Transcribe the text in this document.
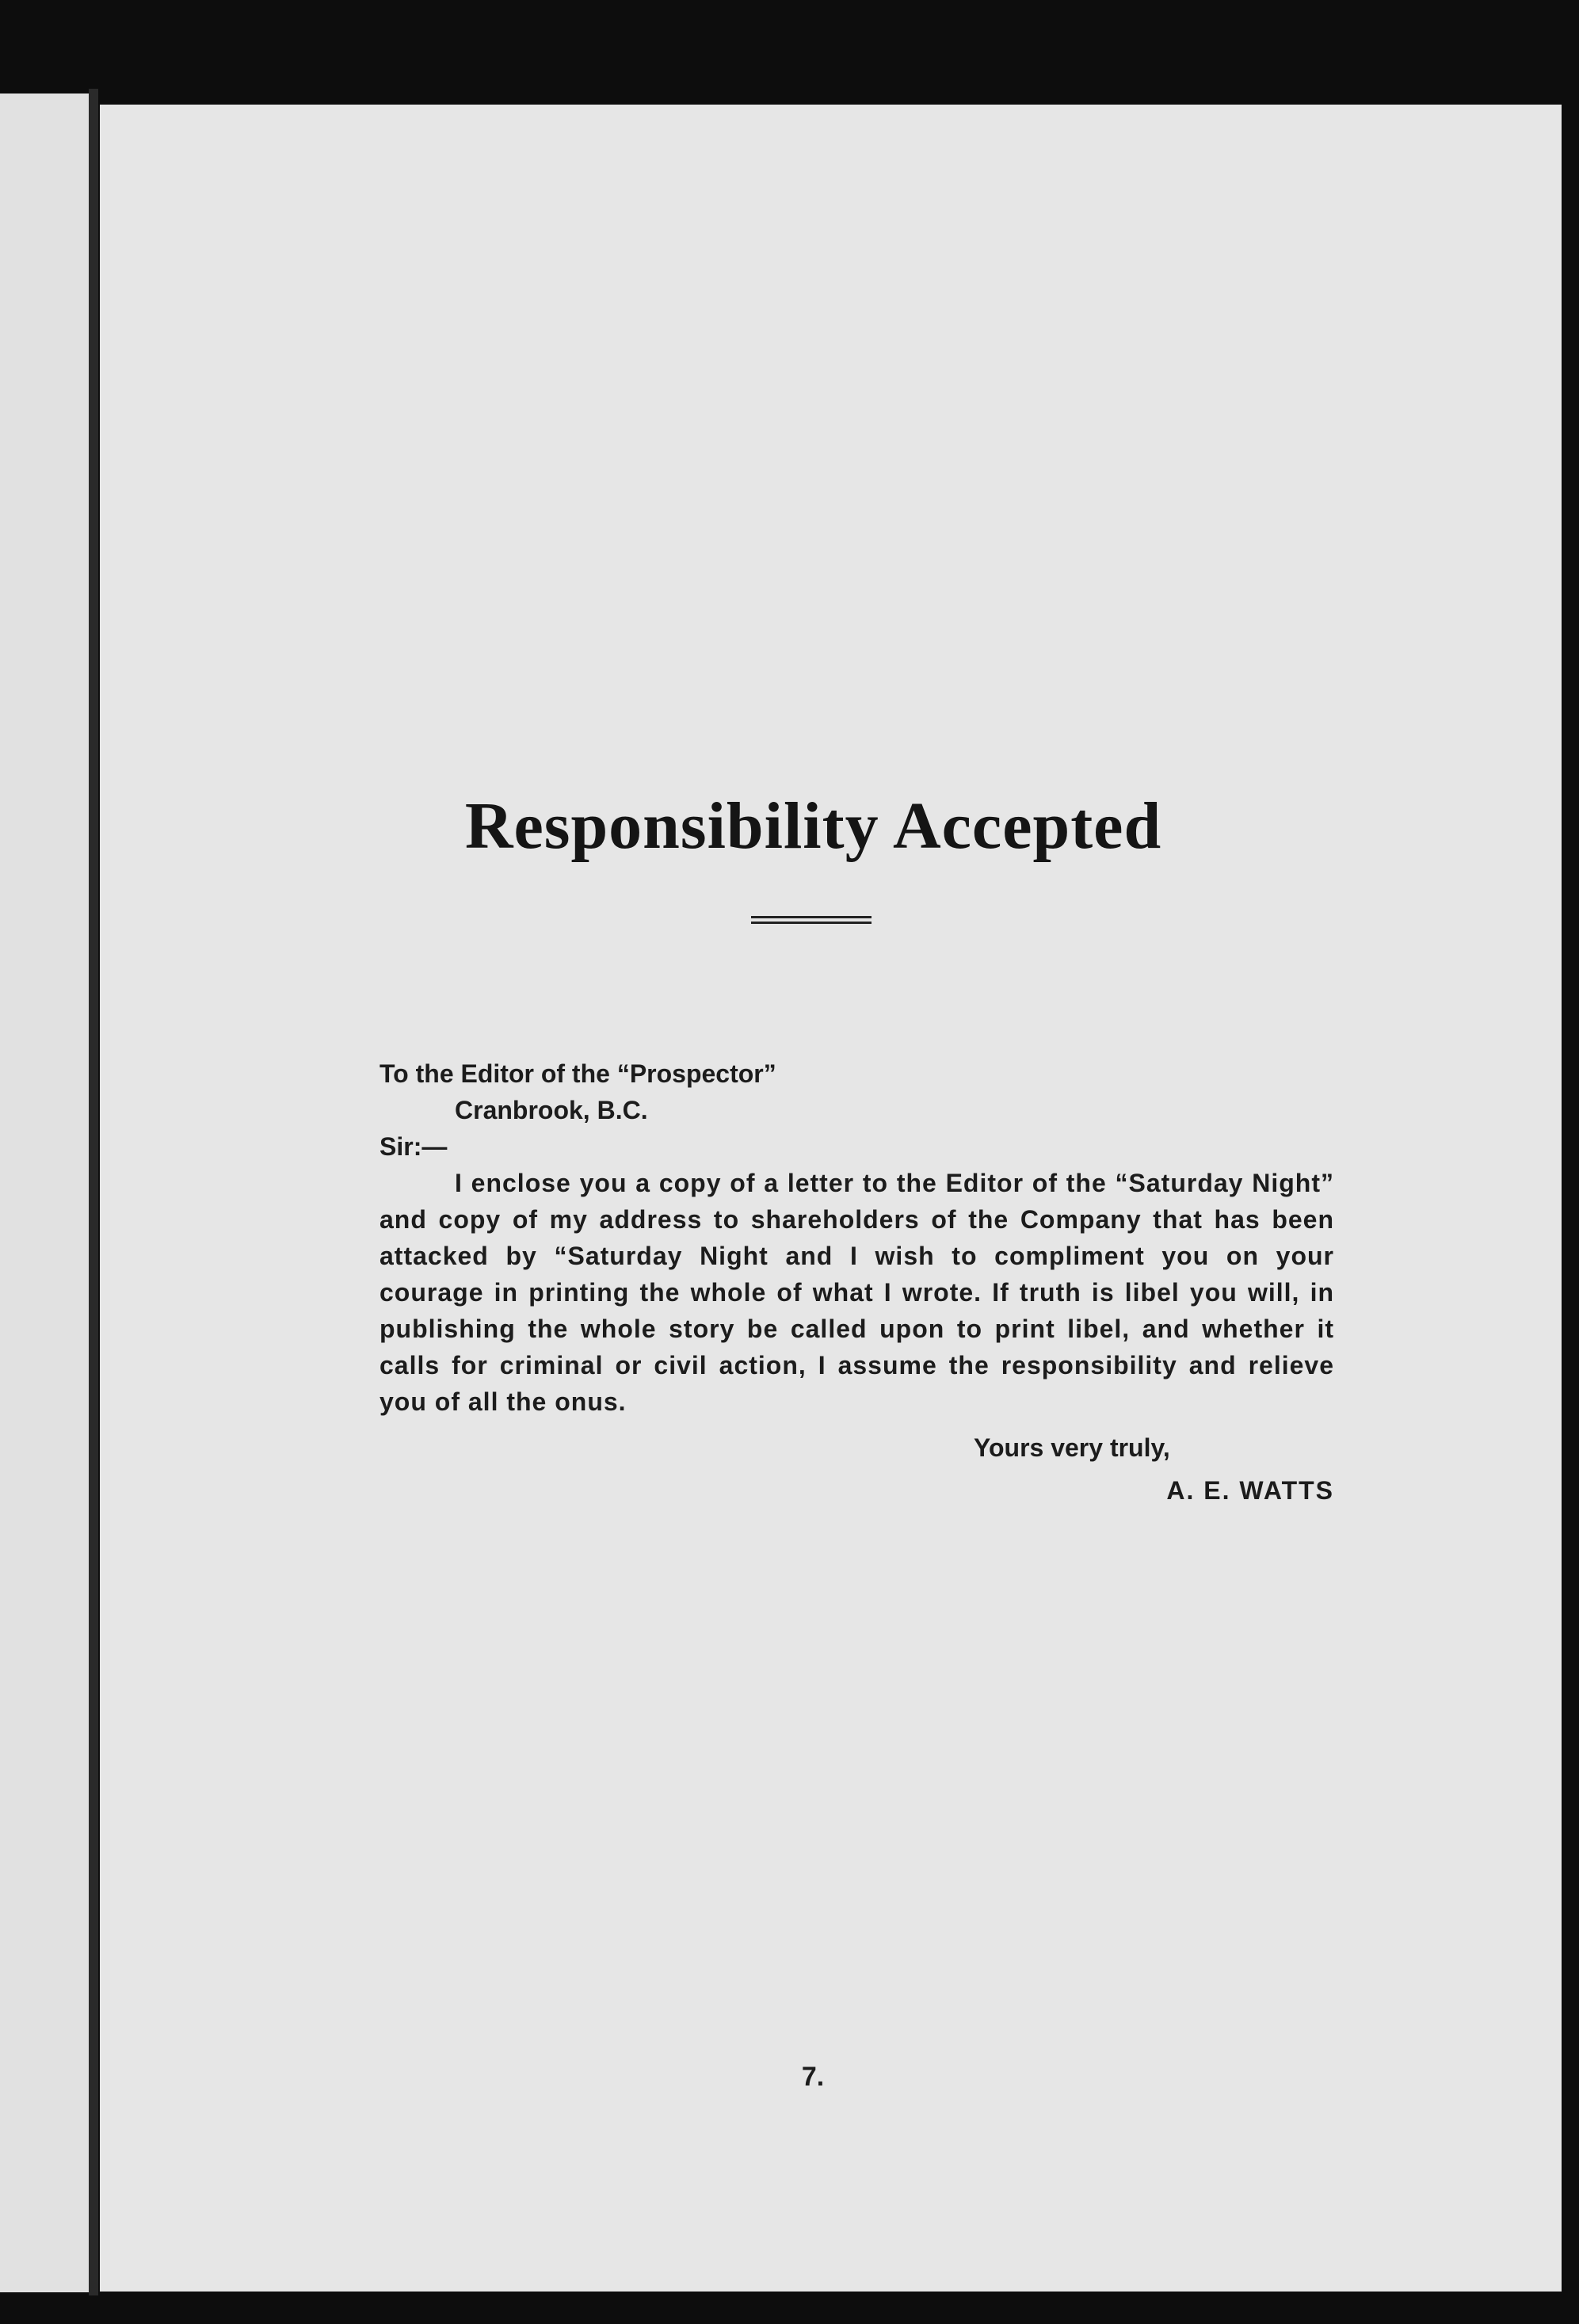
Responsibility Accepted

To the Editor of the “Prospector”

Cranbrook, B.C.

Sir:—

I enclose you a copy of a letter to the Editor of the “Saturday Night” and copy of my address to shareholders of the Company that has been attacked by “Saturday Night and I wish to compliment you on your courage in printing the whole of what I wrote. If truth is libel you will, in publishing the whole story be called upon to print libel, and whether it calls for criminal or civil action, I assume the responsibility and relieve you of all the onus.

Yours very truly,

A. E. WATTS

7.
